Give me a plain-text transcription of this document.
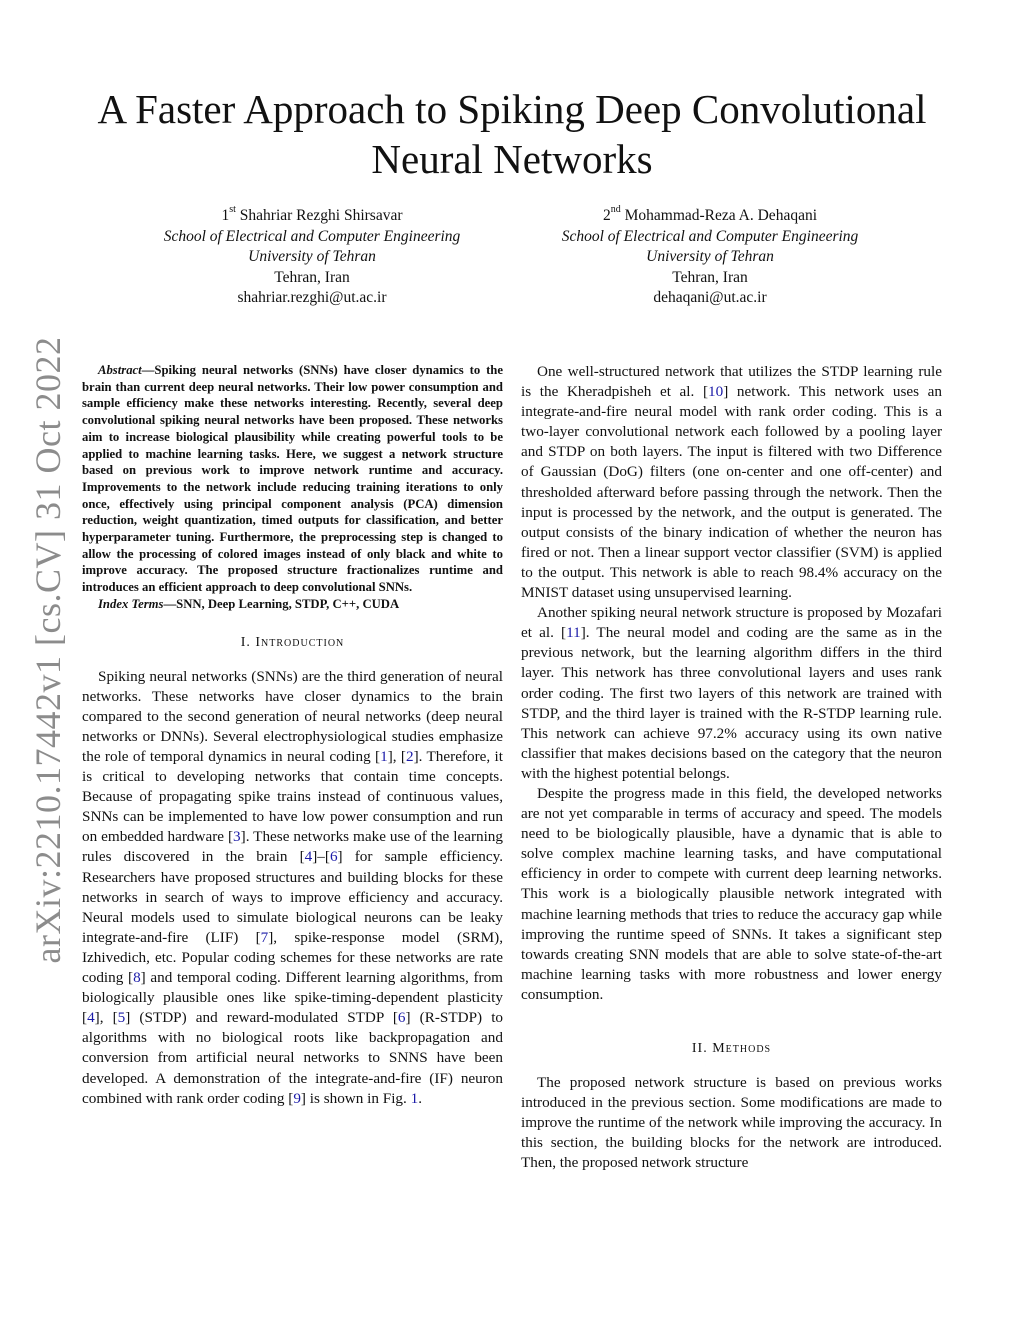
arXiv:2210.17442v1 [cs.CV] 31 Oct 2022
A Faster Approach to Spiking Deep Convolutional
Neural Networks
1st Shahriar Rezghi Shirsavar
School of Electrical and Computer Engineering
University of Tehran
Tehran, Iran
shahriar.rezghi@ut.ac.ir
2nd Mohammad-Reza A. Dehaqani
School of Electrical and Computer Engineering
University of Tehran
Tehran, Iran
dehaqani@ut.ac.ir

Abstract—Spiking neural networks (SNNs) have closer dynamics to the brain than current deep neural networks. Their low power consumption and sample efficiency make these networks interesting. Recently, several deep convolutional spiking neural networks have been proposed. These networks aim to increase biological plausibility while creating powerful tools to be applied to machine learning tasks. Here, we suggest a network structure based on previous work to improve network runtime and accuracy. Improvements to the network include reducing training iterations to only once, effectively using principal component analysis (PCA) dimension reduction, weight quantization, timed outputs for classification, and better hyperparameter tuning. Furthermore, the preprocessing step is changed to allow the processing of colored images instead of only black and white to improve accuracy. The proposed structure fractionalizes runtime and introduces an efficient approach to deep convolutional SNNs.

Index Terms—SNN, Deep Learning, STDP, C++, CUDA

I. Introduction

Spiking neural networks (SNNs) are the third generation of neural networks. These networks have closer dynamics to the brain compared to the second generation of neural networks (deep neural networks or DNNs). Several electrophysiological studies emphasize the role of temporal dynamics in neural coding [1], [2]. Therefore, it is critical to developing networks that contain time concepts. Because of propagating spike trains instead of continuous values, SNNs can be implemented to have low power consumption and run on embedded hardware [3]. These networks make use of the learning rules discovered in the brain [4]–[6] for sample efficiency. Researchers have proposed structures and building blocks for these networks in search of ways to improve efficiency and accuracy. Neural models used to simulate biological neurons can be leaky integrate-and-fire (LIF) [7], spike-response model (SRM), Izhivedich, etc. Popular coding schemes for these networks are rate coding [8] and temporal coding. Different learning algorithms, from biologically plausible ones like spike-timing-dependent plasticity [4], [5] (STDP) and reward-modulated STDP [6] (R-STDP) to algorithms with no biological roots like backpropagation and conversion from artificial neural networks to SNNS have been developed. A demonstration of the integrate-and-fire (IF) neuron combined with rank order coding [9] is shown in Fig. 1.

One well-structured network that utilizes the STDP learning rule is the Kheradpisheh et al. [10] network. This network uses an integrate-and-fire neural model with rank order coding. This is a two-layer convolutional network each followed by a pooling layer and STDP on both layers. The input is filtered with two Difference of Gaussian (DoG) filters (one on-center and one off-center) and thresholded afterward before passing through the network. Then the input is processed by the network, and the output is generated. The output consists of the binary indication of whether the neuron has fired or not. Then a linear support vector classifier (SVM) is applied to the output. This network is able to reach 98.4% accuracy on the MNIST dataset using unsupervised learning.

Another spiking neural network structure is proposed by Mozafari et al. [11]. The neural model and coding are the same as in the previous network, but the learning algorithm differs in the third layer. This network has three convolutional layers and uses rank order coding. The first two layers of this network are trained with STDP, and the third layer is trained with the R-STDP learning rule. This network can achieve 97.2% accuracy using its own native classifier that makes decisions based on the category that the neuron with the highest potential belongs.

Despite the progress made in this field, the developed networks are not yet comparable in terms of accuracy and speed. The models need to be biologically plausible, have a dynamic that is able to solve complex machine learning tasks, and have computational efficiency in order to compete with current deep learning networks. This work is a biologically plausible network integrated with machine learning methods that tries to reduce the accuracy gap while improving the runtime speed of SNNs. It takes a significant step towards creating SNN models that are able to solve state-of-the-art machine learning tasks with more robustness and lower energy consumption.

II. Methods

The proposed network structure is based on previous works introduced in the previous section. Some modifications are made to improve the runtime of the network while improving the accuracy. In this section, the building blocks for the network are introduced. Then, the proposed network structure
